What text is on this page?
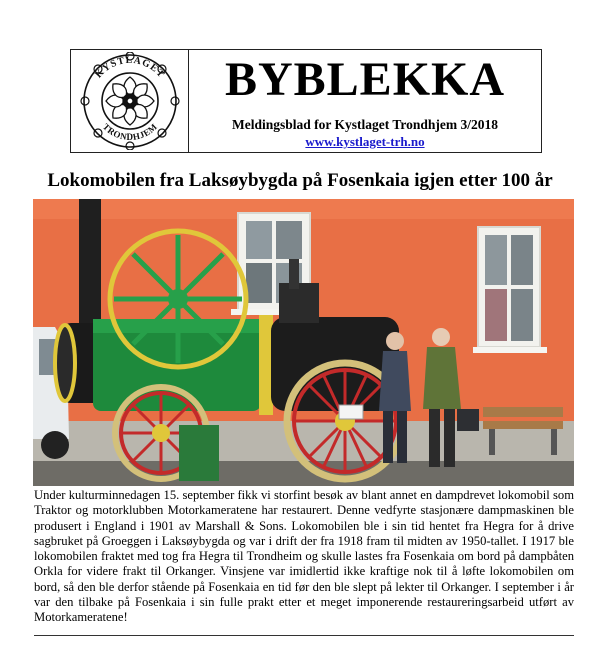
KYSTLAGET
TRONDHJEM
BYBLEKKA
Meldingsblad for Kystlaget Trondhjem 3/2018
www.kystlaget-trh.no
Lokomobilen fra Laksøybygda på Fosenkaia igjen etter 100 år
Under kulturminnedagen 15. september fikk vi storfint besøk av blant annet en dampdrevet lokomobil som Traktor og motorklubben Motorkameratene har restaurert. Denne vedfyrte stasjonære dampmaskinen ble produsert i England i 1901 av Marshall & Sons. Lokomobilen ble i sin tid hentet fra Hegra for å drive sagbruket på Groeggen i Laksøybygda og var i drift der fra 1918 fram til midten av 1950-tallet. I 1917 ble lokomobilen fraktet med tog fra Hegra til Trondheim og skulle lastes fra Fosenkaia om bord på dampbåten Orkla for videre frakt til Orkanger. Vinsjene var imidlertid ikke kraftige nok til å løfte lokomobilen om bord, så den ble derfor stående på Fosenkaia en tid før den ble slept på lekter til Orkanger. I september i år var den tilbake på Fosenkaia i sin fulle prakt etter et meget imponerende restaureringsarbeid utført av Motorkameratene!
